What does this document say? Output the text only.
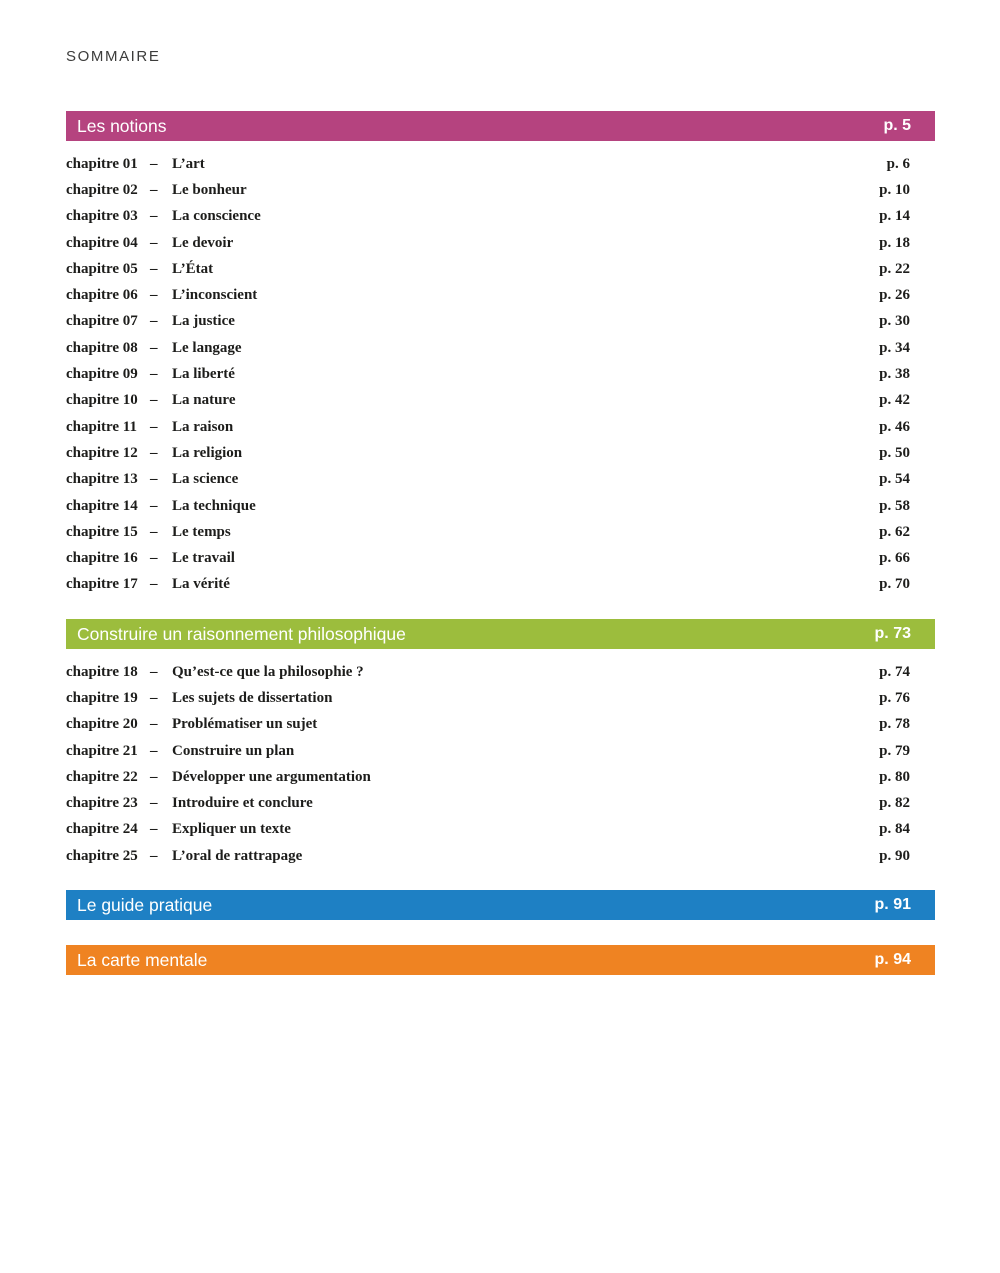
SOMMAIRE
Les notions	p. 5
chapitre 01 – L’art	p. 6
chapitre 02 – Le bonheur	p. 10
chapitre 03 – La conscience	p. 14
chapitre 04 – Le devoir	p. 18
chapitre 05 – L’État	p. 22
chapitre 06 – L’inconscient	p. 26
chapitre 07 – La justice	p. 30
chapitre 08 – Le langage	p. 34
chapitre 09 – La liberté	p. 38
chapitre 10 – La nature	p. 42
chapitre 11 – La raison	p. 46
chapitre 12 – La religion	p. 50
chapitre 13 – La science	p. 54
chapitre 14 – La technique	p. 58
chapitre 15 – Le temps	p. 62
chapitre 16 – Le travail	p. 66
chapitre 17 – La vérité	p. 70
Construire un raisonnement philosophique	p. 73
chapitre 18 – Qu’est-ce que la philosophie ?	p. 74
chapitre 19 – Les sujets de dissertation	p. 76
chapitre 20 – Problématiser un sujet	p. 78
chapitre 21 – Construire un plan	p. 79
chapitre 22 – Développer une argumentation	p. 80
chapitre 23 – Introduire et conclure	p. 82
chapitre 24 – Expliquer un texte	p. 84
chapitre 25 – L’oral de rattrapage	p. 90
Le guide pratique	p. 91
La carte mentale	p. 94
